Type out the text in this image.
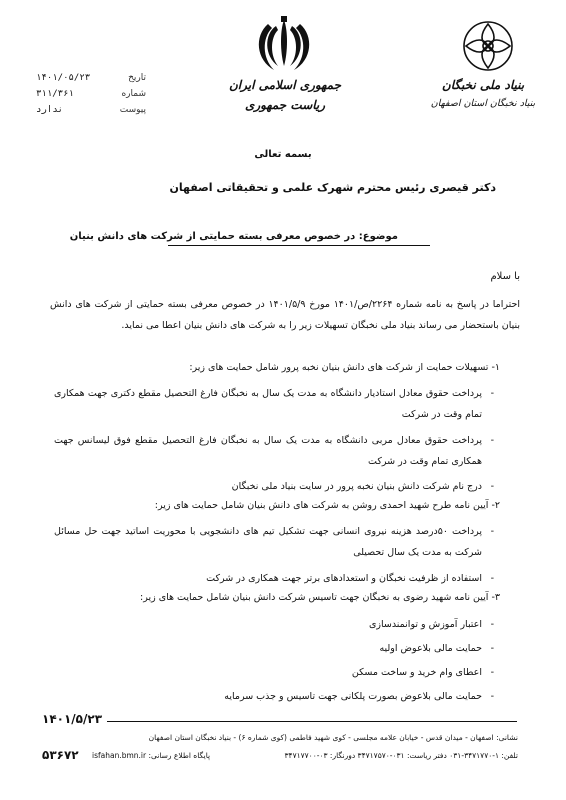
۱۴۰۱/۰۵/۲۳	تاریخ
۳۱۱/۳۶۱	شماره
ندارد	پیوست
جمهوری اسلامی ایران
ریاست جمهوری
بنیاد ملی نخبگان
بنیاد نخبگان استان اصفهان
بسمه تعالی
دکتر قیصری رئیس محترم شهرک علمی و تحقیقاتی اصفهان
موضوع: در خصوص معرفی بسته حمایتی از شرکت های دانش بنیان
با سلام
احتراما در پاسخ به نامه شماره ۲۲۶۴/ص/۱۴۰۱ مورخ ۱۴۰۱/۵/۹ در خصوص معرفی بسته حمایتی از شرکت های دانش بنیان باستحضار می رساند بنیاد ملی نخبگان تسهیلات زیر را به شرکت های دانش بنیان اعطا می نماید.
۱- تسهیلات حمایت از شرکت های دانش بنیان نخبه پرور شامل حمایت های زیر:
- پرداخت حقوق معادل استادیار دانشگاه به مدت یک سال به نخبگان فارغ التحصیل مقطع دکتری جهت همکاری تمام وقت در شرکت
- پرداخت حقوق معادل مربی دانشگاه به مدت یک سال به نخبگان فارغ التحصیل مقطع فوق لیسانس جهت همکاری تمام وقت در شرکت
- درج نام شرکت دانش بنیان نخبه پرور در سایت بنیاد ملی نخبگان
۲- آیین نامه طرح شهید احمدی روشن به شرکت های دانش بنیان شامل حمایت های زیر:
- پرداخت ۵۰درصد هزینه نیروی انسانی جهت تشکیل تیم های دانشجویی با محوریت اساتید جهت حل مسائل شرکت به مدت یک سال تحصیلی
- استفاده از ظرفیت نخبگان و استعدادهای برتر جهت همکاری در شرکت
۳- آیین نامه شهید رضوی به نخبگان جهت تاسیس شرکت دانش بنیان شامل حمایت های زیر:
- اعتبار آموزش و توانمندسازی
- حمایت مالی بلاعوض اولیه
- اعطای وام خرید و ساخت مسکن
- حمایت مالی بلاعوض بصورت پلکانی جهت تاسیس و جذب سرمایه
۱۴۰۱/۵/۲۳
نشانی: اصفهان - میدان قدس - خیابان علامه مجلسی - کوی شهید فاطمی (کوی شماره ۶) - بنیاد نخبگان استان اصفهان
تلفن: ۱-۳۴۷۱۷۷۰-۰۳۱ دفتر ریاست: ۰۳۱-۳۴۷۱۷۵۷۰ دورنگار: ۰۳-۳۴۷۱۷۷۰۰
پایگاه اطلاع رسانی: isfahan.bmn.ir
۵۳۶۷۲
